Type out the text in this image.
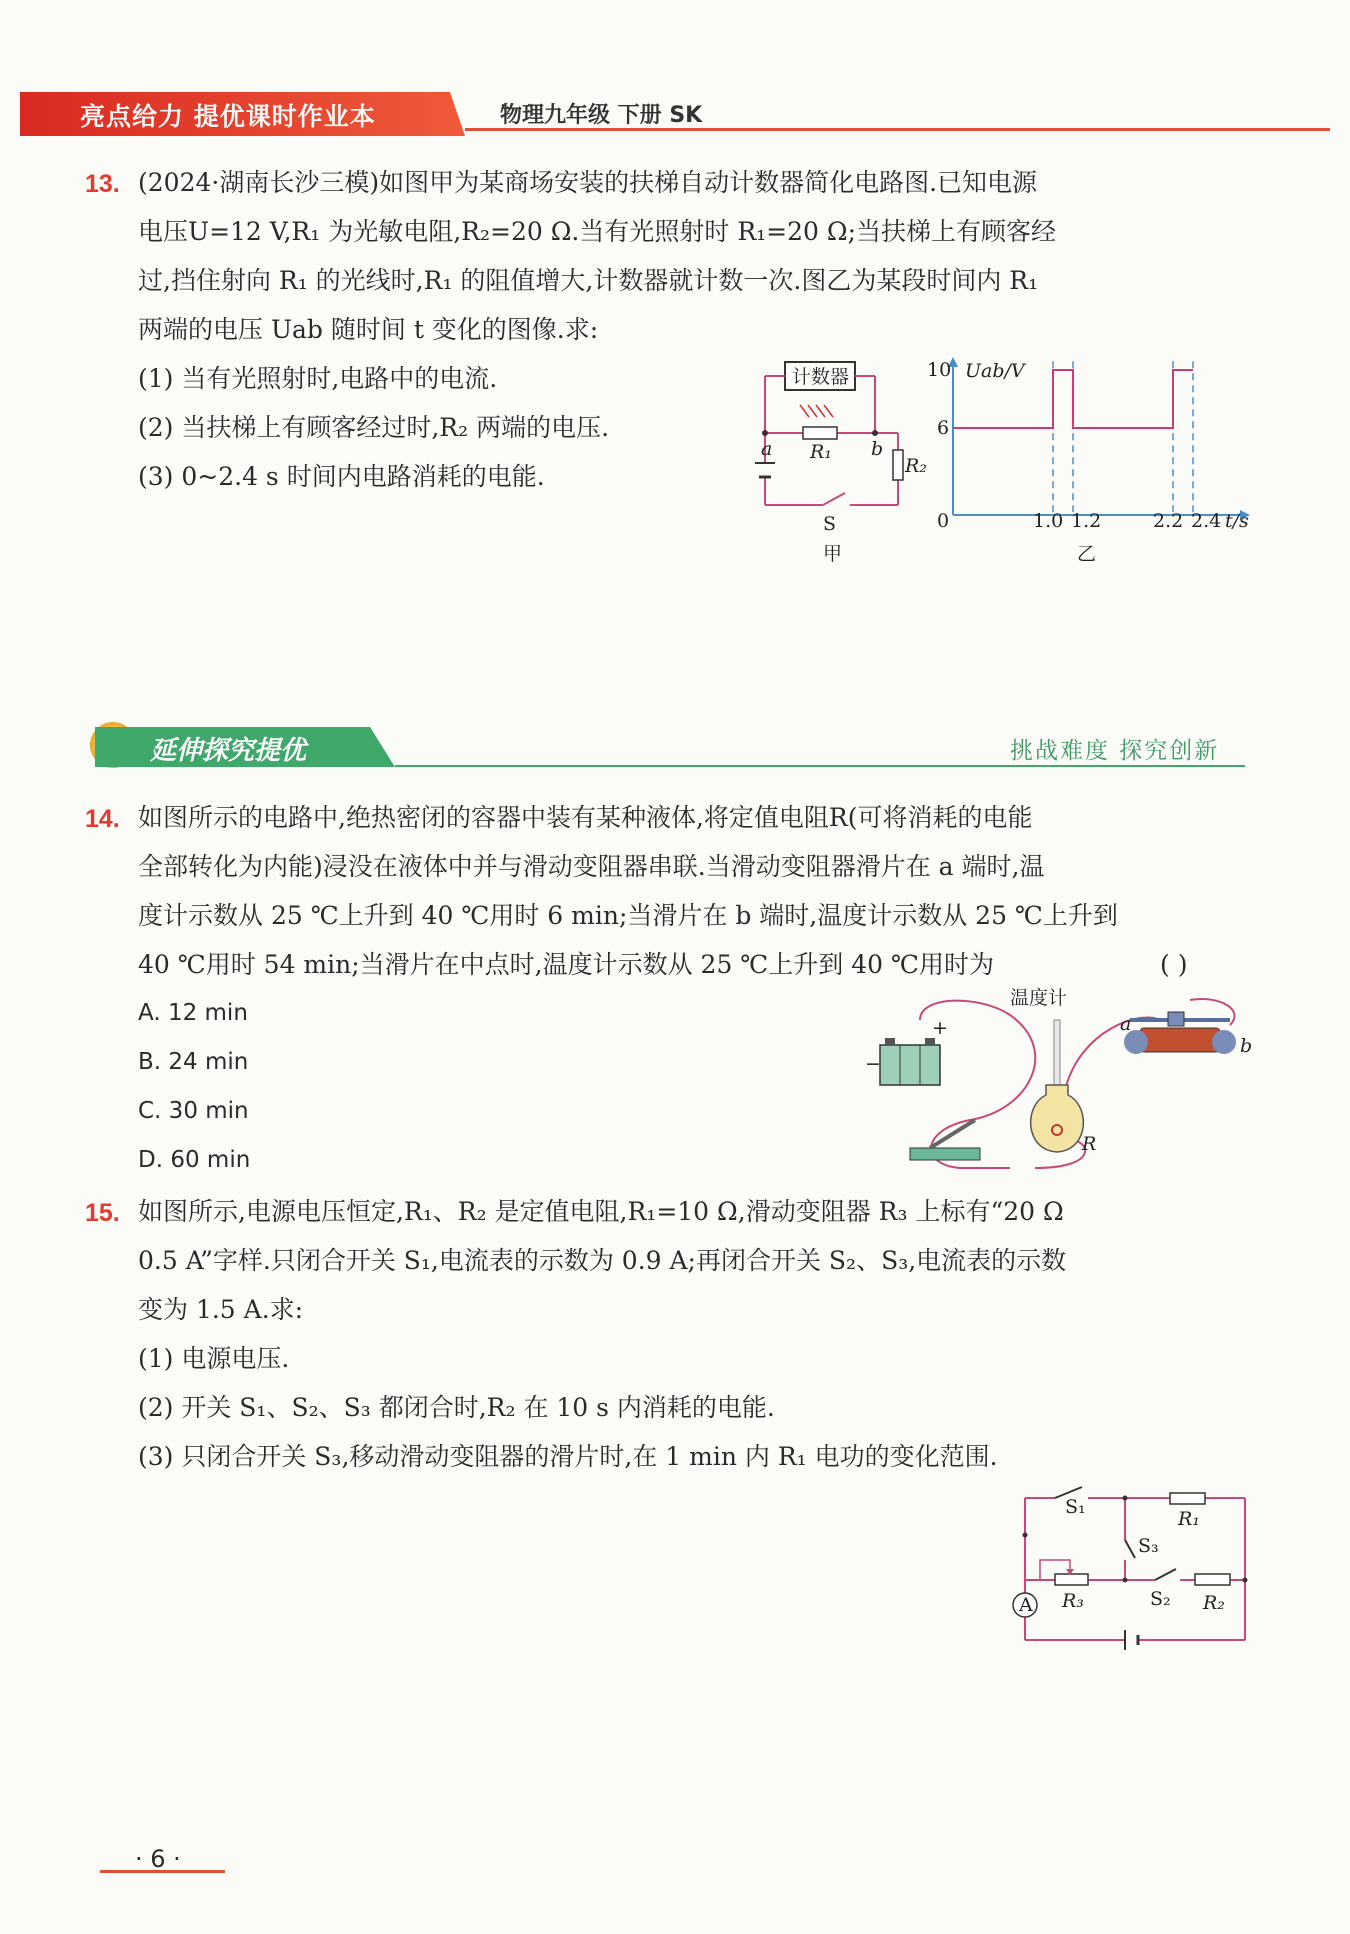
亮点给力 提优课时作业本	物理九年级 下册 SK
13. (2024·湖南长沙三模)如图甲为某商场安装的扶梯自动计数器简化电路图.已知电源
电压U=12 V,R₁ 为光敏电阻,R₂=20 Ω.当有光照射时 R₁=20 Ω;当扶梯上有顾客经
过,挡住射向 R₁ 的光线时,R₁ 的阻值增大,计数器就计数一次.图乙为某段时间内 R₁
两端的电压 Uab 随时间 t 变化的图像.求:
(1) 当有光照射时,电路中的电流.
(2) 当扶梯上有顾客经过时,R₂ 两端的电压.
(3) 0~2.4 s 时间内电路消耗的电能.
计数器
a	b
R₁
R₂
S
甲
1.0 1.2	2.2 2.4
6
10 Uab/V
t/s
0
乙
延伸探究提优	挑战难度 探究创新
14. 如图所示的电路中,绝热密闭的容器中装有某种液体,将定值电阻R(可将消耗的电能
全部转化为内能)浸没在液体中并与滑动变阻器串联.当滑动变阻器滑片在 a 端时,温
度计示数从 25 ℃上升到 40 ℃用时 6 min;当滑片在 b 端时,温度计示数从 25 ℃上升到
40 ℃用时 54 min;当滑片在中点时,温度计示数从 25 ℃上升到 40 ℃用时为	( )
A. 12 min
B. 24 min
C. 30 min
D. 60 min
温度计
a
b
R
+
−
15. 如图所示,电源电压恒定,R₁、R₂ 是定值电阻,R₁=10 Ω,滑动变阻器 R₃ 上标有“20 Ω
0.5 A”字样.只闭合开关 S₁,电流表的示数为 0.9 A;再闭合开关 S₂、S₃,电流表的示数
变为 1.5 A.求:
(1) 电源电压.
(2) 开关 S₁、S₂、S₃ 都闭合时,R₂ 在 10 s 内消耗的电能.
(3) 只闭合开关 S₃,移动滑动变阻器的滑片时,在 1 min 内 R₁ 电功的变化范围.
S₁
S₃
S₂
R₁
R₂
R₃
A
· 6 ·
